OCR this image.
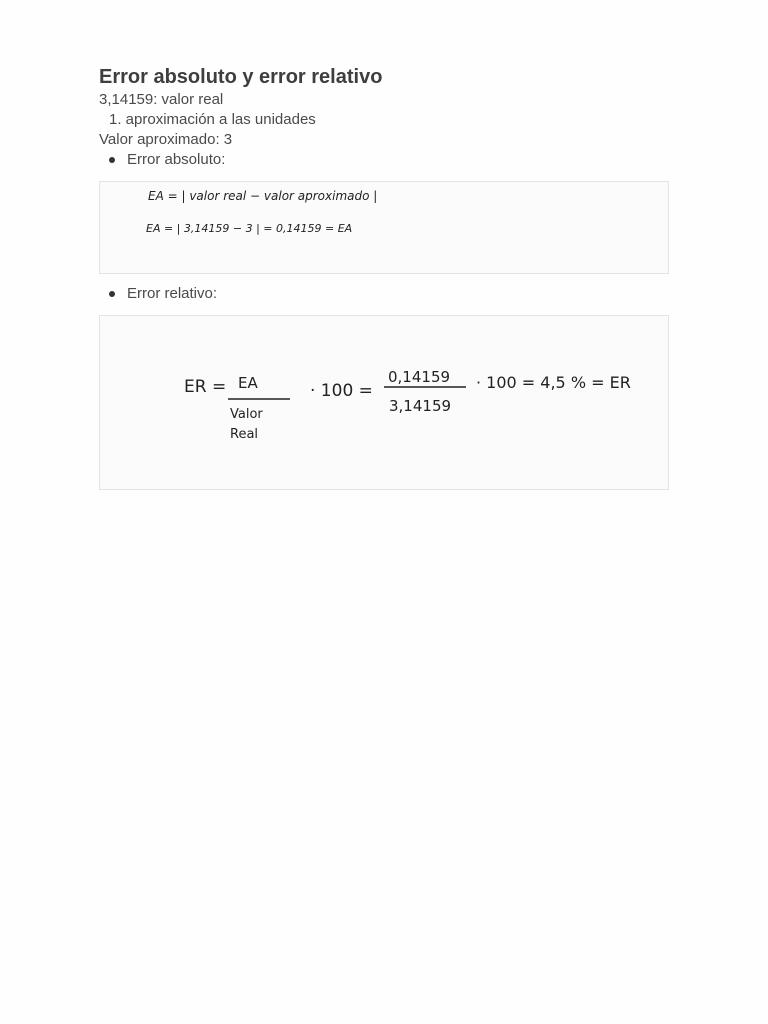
Error absoluto y error relativo

3,14159: valor real

1. aproximación a las unidades

Valor aproximado: 3

Error absoluto:
EA = | valor real − valor aproximado |
EA = | 3,14159 − 3 | = 0,14159 = EA
Error relativo:
ER = EA
Valor
Real
· 100 =
0,14159
3,14159
· 100 = 4,5 % = ER
